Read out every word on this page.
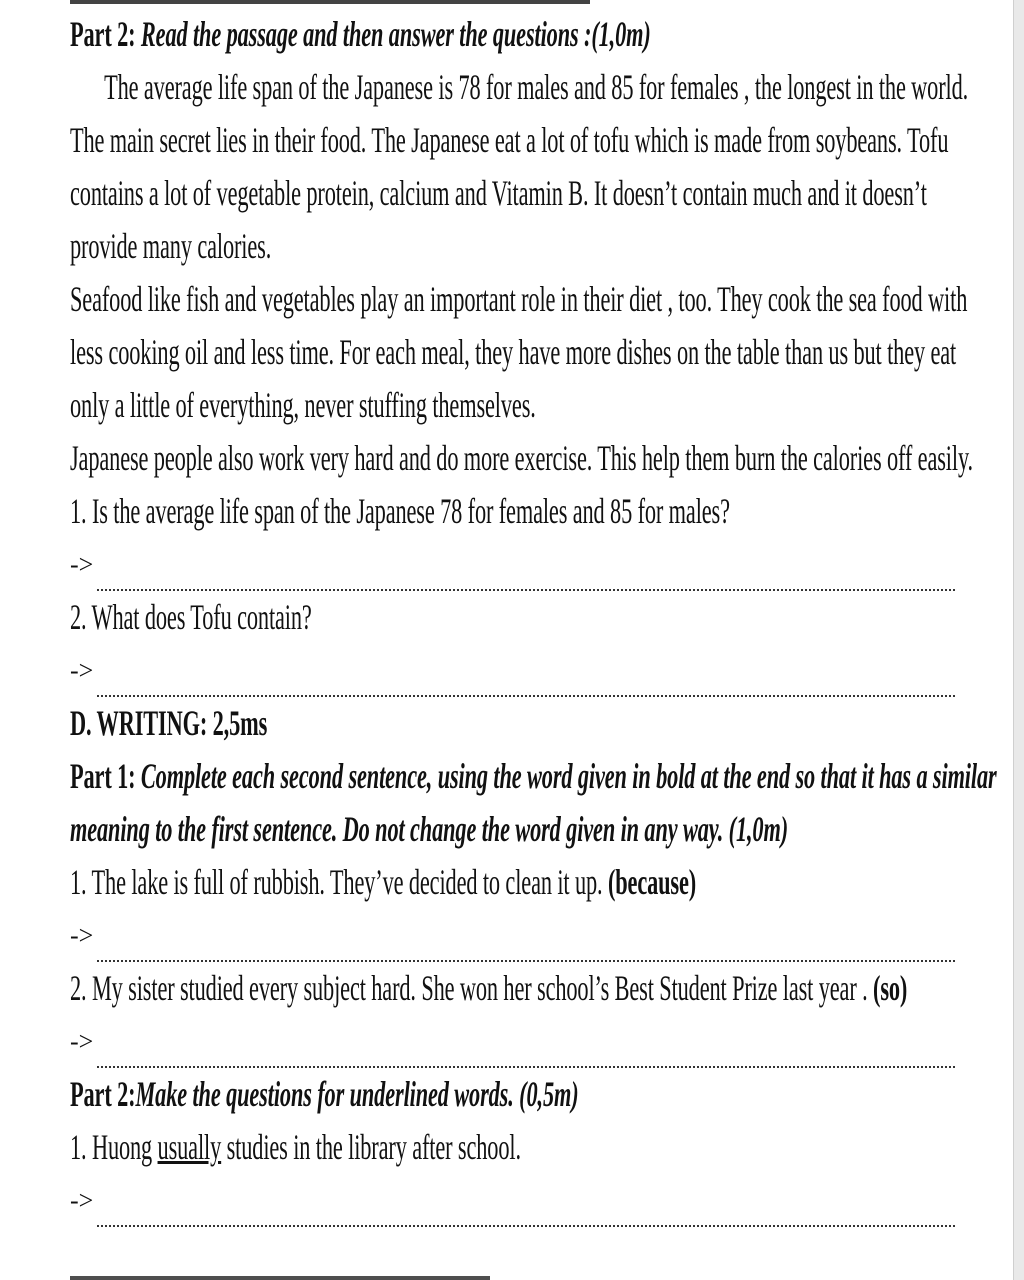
Part 2: Read the passage and then answer the questions :(1,0m)
The average life span of the Japanese is 78 for males and 85 for females , the longest in the world.
The main secret lies in their food. The Japanese eat a lot of tofu which is made from soybeans. Tofu
contains a lot of vegetable protein, calcium and Vitamin B. It doesn’t contain much and it doesn’t
provide many calories.
Seafood like fish and vegetables play an important role in their diet , too. They cook the sea food with
less cooking oil and less time. For each meal, they have more dishes on the table than us but they eat
only a little of everything, never stuffing themselves.
Japanese people also work very hard and do more exercise. This help them burn the calories off easily.
1. Is the average life span of the Japanese 78 for females and 85 for males?
->
2. What does Tofu contain?
->
D. WRITING: 2,5ms
Part 1: Complete each second sentence, using the word given in bold at the end so that it has a similar
meaning to the first sentence. Do not change the word given in any way. (1,0m)
1. The lake is full of rubbish. They’ve decided to clean it up. (because)
->
2. My sister studied every subject hard. She won her school’s Best Student Prize last year . (so)
->
Part 2:Make the questions for underlined words. (0,5m)
1. Huong usually studies in the library after school.
->
